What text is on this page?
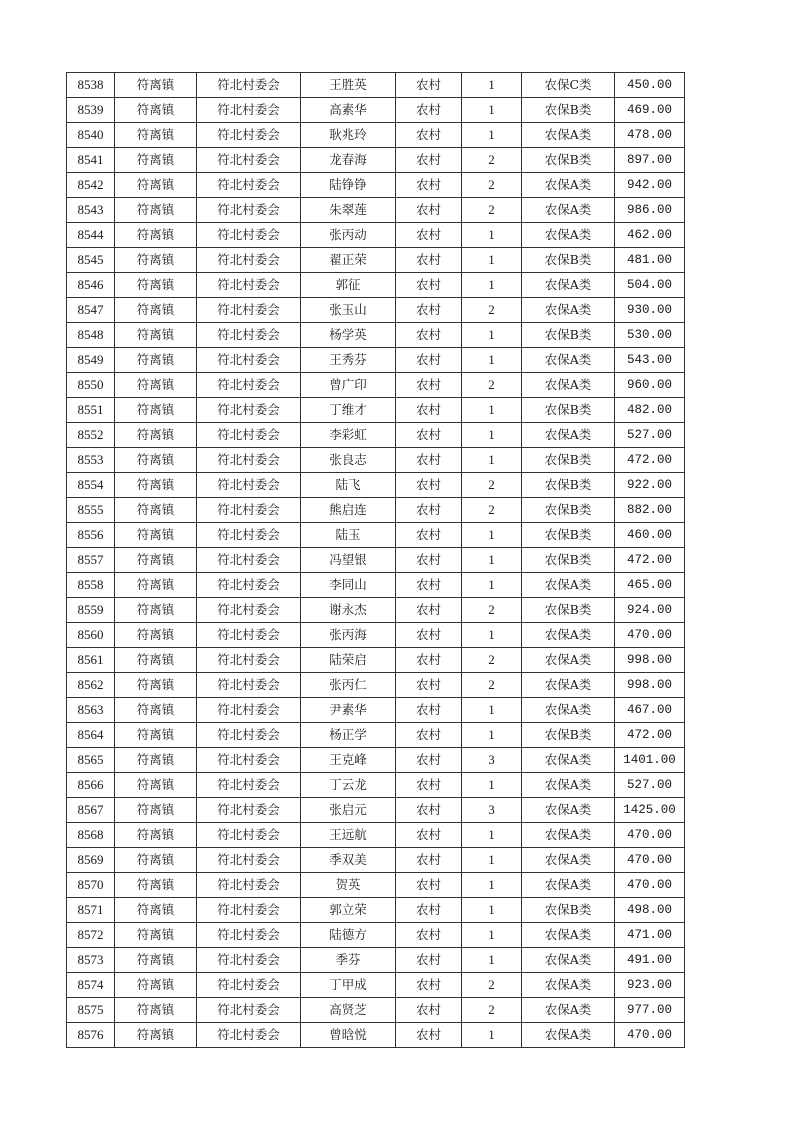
8538	符离镇	符北村委会	王胜英	农村	1	农保C类	450.00
8539	符离镇	符北村委会	高素华	农村	1	农保B类	469.00
8540	符离镇	符北村委会	耿兆玲	农村	1	农保A类	478.00
8541	符离镇	符北村委会	龙春海	农村	2	农保B类	897.00
8542	符离镇	符北村委会	陆铮铮	农村	2	农保A类	942.00
8543	符离镇	符北村委会	朱翠莲	农村	2	农保A类	986.00
8544	符离镇	符北村委会	张丙动	农村	1	农保A类	462.00
8545	符离镇	符北村委会	翟正荣	农村	1	农保B类	481.00
8546	符离镇	符北村委会	郭征	农村	1	农保A类	504.00
8547	符离镇	符北村委会	张玉山	农村	2	农保A类	930.00
8548	符离镇	符北村委会	杨学英	农村	1	农保B类	530.00
8549	符离镇	符北村委会	王秀芬	农村	1	农保A类	543.00
8550	符离镇	符北村委会	曾广印	农村	2	农保A类	960.00
8551	符离镇	符北村委会	丁维才	农村	1	农保B类	482.00
8552	符离镇	符北村委会	李彩虹	农村	1	农保A类	527.00
8553	符离镇	符北村委会	张良志	农村	1	农保B类	472.00
8554	符离镇	符北村委会	陆飞	农村	2	农保B类	922.00
8555	符离镇	符北村委会	熊启连	农村	2	农保B类	882.00
8556	符离镇	符北村委会	陆玉	农村	1	农保B类	460.00
8557	符离镇	符北村委会	冯望银	农村	1	农保B类	472.00
8558	符离镇	符北村委会	李同山	农村	1	农保A类	465.00
8559	符离镇	符北村委会	谢永杰	农村	2	农保B类	924.00
8560	符离镇	符北村委会	张丙海	农村	1	农保A类	470.00
8561	符离镇	符北村委会	陆荣启	农村	2	农保A类	998.00
8562	符离镇	符北村委会	张丙仁	农村	2	农保A类	998.00
8563	符离镇	符北村委会	尹素华	农村	1	农保A类	467.00
8564	符离镇	符北村委会	杨正学	农村	1	农保B类	472.00
8565	符离镇	符北村委会	王克峰	农村	3	农保A类	1401.00
8566	符离镇	符北村委会	丁云龙	农村	1	农保A类	527.00
8567	符离镇	符北村委会	张启元	农村	3	农保A类	1425.00
8568	符离镇	符北村委会	王远航	农村	1	农保A类	470.00
8569	符离镇	符北村委会	季双美	农村	1	农保A类	470.00
8570	符离镇	符北村委会	贺英	农村	1	农保A类	470.00
8571	符离镇	符北村委会	郭立荣	农村	1	农保B类	498.00
8572	符离镇	符北村委会	陆德方	农村	1	农保A类	471.00
8573	符离镇	符北村委会	季芬	农村	1	农保A类	491.00
8574	符离镇	符北村委会	丁甲成	农村	2	农保A类	923.00
8575	符离镇	符北村委会	高贤芝	农村	2	农保A类	977.00
8576	符离镇	符北村委会	曾晗悦	农村	1	农保A类	470.00
